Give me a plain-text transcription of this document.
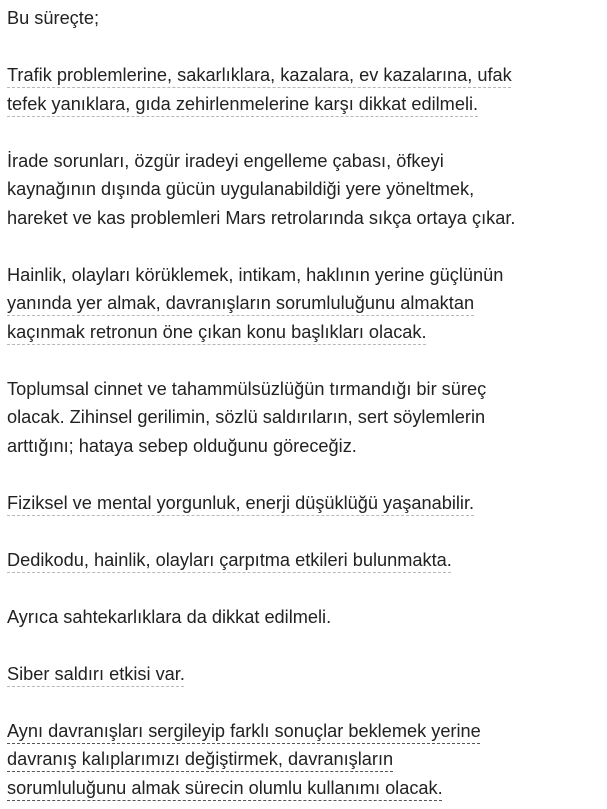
Bu süreçte;

Trafik problemlerine, sakarlıklara, kazalara, ev kazalarına, ufak
tefek yanıklara, gıda zehirlenmelerine karşı dikkat edilmeli.

İrade sorunları, özgür iradeyi engelleme çabası, öfkeyi
kaynağının dışında gücün uygulanabildiği yere yöneltmek,
hareket ve kas problemleri Mars retrolarında sıkça ortaya çıkar.

Hainlik, olayları körüklemek, intikam, haklının yerine güçlünün
yanında yer almak, davranışların sorumluluğunu almaktan
kaçınmak retronun öne çıkan konu başlıkları olacak.

Toplumsal cinnet ve tahammülsüzlüğün tırmandığı bir süreç
olacak. Zihinsel gerilimin, sözlü saldırıların, sert söylemlerin
arttığını; hataya sebep olduğunu göreceğiz.

Fiziksel ve mental yorgunluk, enerji düşüklüğü yaşanabilir.

Dedikodu, hainlik, olayları çarpıtma etkileri bulunmakta.

Ayrıca sahtekarlıklara da dikkat edilmeli.

Siber saldırı etkisi var.

Aynı davranışları sergileyip farklı sonuçlar beklemek yerine
davranış kalıplarımızı değiştirmek, davranışların
sorumluluğunu almak sürecin olumlu kullanımı olacak.
